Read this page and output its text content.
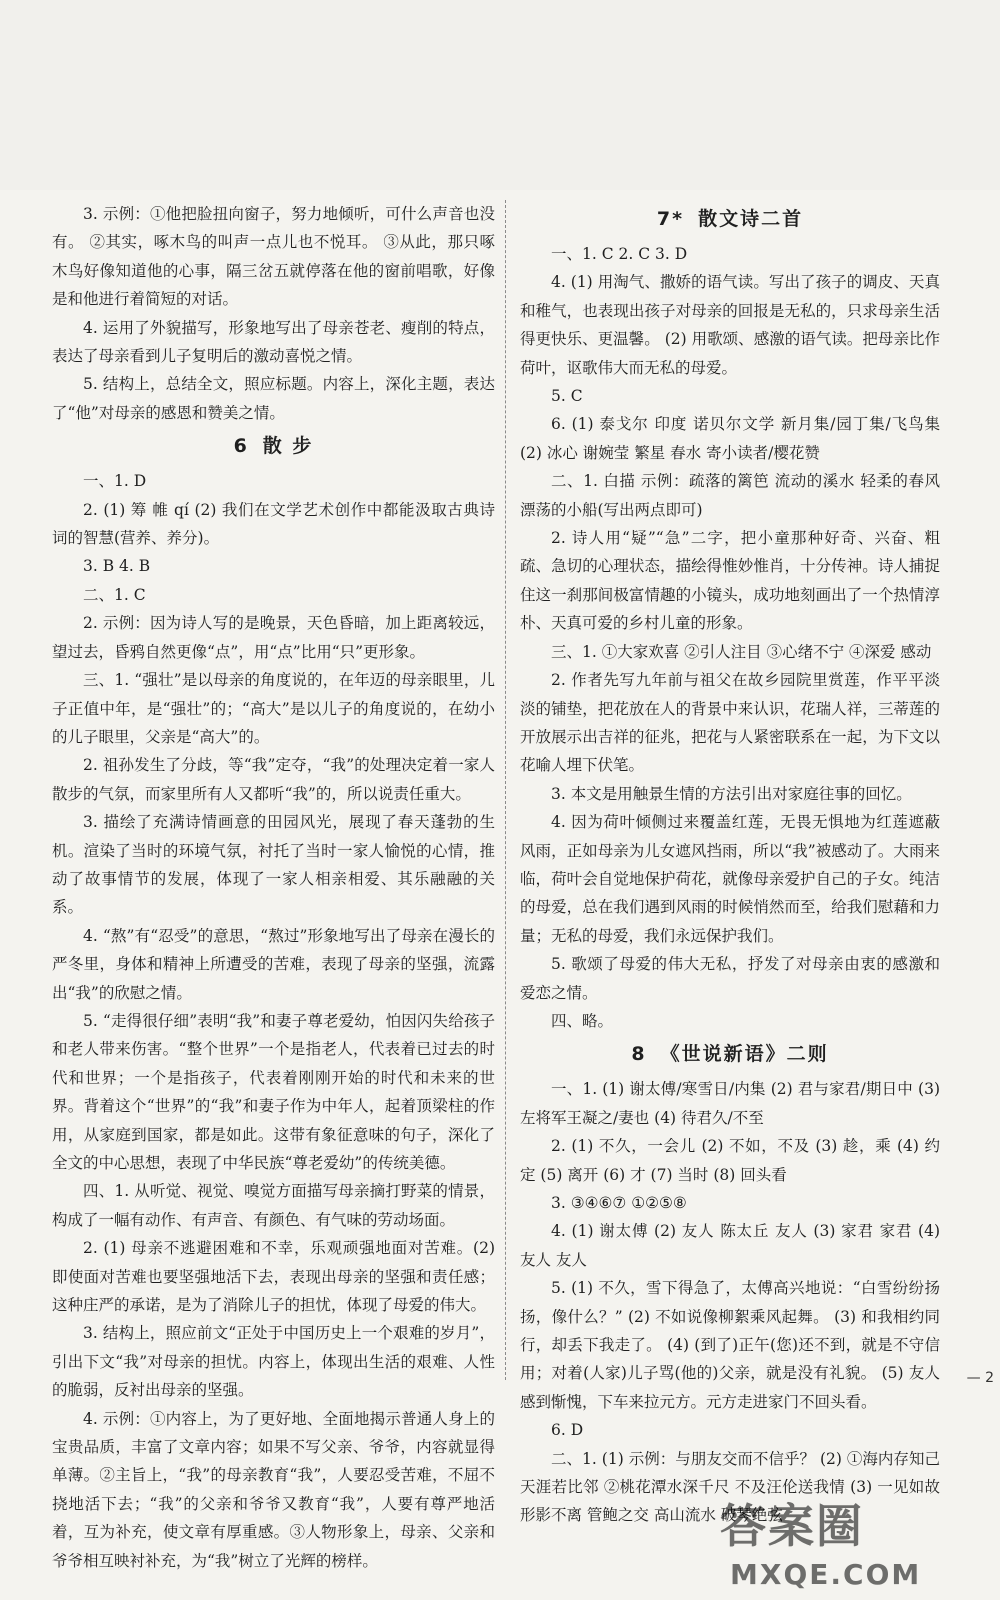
3. 示例：①他把脸扭向窗子，努力地倾听，可什么声音也没有。 ②其实，啄木鸟的叫声一点儿也不悦耳。 ③从此，那只啄木鸟好像知道他的心事，隔三岔五就停落在他的窗前唱歌，好像是和他进行着简短的对话。

4. 运用了外貌描写，形象地写出了母亲苍老、瘦削的特点，表达了母亲看到儿子复明后的激动喜悦之情。

5. 结构上，总结全文，照应标题。内容上，深化主题，表达了“他”对母亲的感恩和赞美之情。

6 散 步

一、1. D

2. (1) 筹 帷 qí (2) 我们在文学艺术创作中都能汲取古典诗词的智慧(营养、养分)。

3. B 4. B

二、1. C

2. 示例：因为诗人写的是晚景，天色昏暗，加上距离较远，望过去，昏鸦自然更像“点”，用“点”比用“只”更形象。

三、1. “强壮”是以母亲的角度说的，在年迈的母亲眼里，儿子正值中年，是“强壮”的；“高大”是以儿子的角度说的，在幼小的儿子眼里，父亲是“高大”的。

2. 祖孙发生了分歧，等“我”定夺，“我”的处理决定着一家人散步的气氛，而家里所有人又都听“我”的，所以说责任重大。

3. 描绘了充满诗情画意的田园风光，展现了春天蓬勃的生机。渲染了当时的环境气氛，衬托了当时一家人愉悦的心情，推动了故事情节的发展，体现了一家人相亲相爱、其乐融融的关系。

4. “熬”有“忍受”的意思，“熬过”形象地写出了母亲在漫长的严冬里，身体和精神上所遭受的苦难，表现了母亲的坚强，流露出“我”的欣慰之情。

5. “走得很仔细”表明“我”和妻子尊老爱幼，怕因闪失给孩子和老人带来伤害。“整个世界”一个是指老人，代表着已过去的时代和世界；一个是指孩子，代表着刚刚开始的时代和未来的世界。背着这个“世界”的“我”和妻子作为中年人，起着顶梁柱的作用，从家庭到国家，都是如此。这带有象征意味的句子，深化了全文的中心思想，表现了中华民族“尊老爱幼”的传统美德。

四、1. 从听觉、视觉、嗅觉方面描写母亲摘打野菜的情景，构成了一幅有动作、有声音、有颜色、有气味的劳动场面。

2. (1) 母亲不逃避困难和不幸，乐观顽强地面对苦难。(2) 即使面对苦难也要坚强地活下去，表现出母亲的坚强和责任感；这种庄严的承诺，是为了消除儿子的担忧，体现了母爱的伟大。

3. 结构上，照应前文“正处于中国历史上一个艰难的岁月”，引出下文“我”对母亲的担忧。内容上，体现出生活的艰难、人性的脆弱，反衬出母亲的坚强。

4. 示例：①内容上，为了更好地、全面地揭示普通人身上的宝贵品质，丰富了文章内容；如果不写父亲、爷爷，内容就显得单薄。②主旨上，“我”的母亲教育“我”，人要忍受苦难，不屈不挠地活下去；“我”的父亲和爷爷又教育“我”，人要有尊严地活着，互为补充，使文章有厚重感。③人物形象上，母亲、父亲和爷爷相互映衬补充，为“我”树立了光辉的榜样。

7* 散文诗二首

一、1. C 2. C 3. D

4. (1) 用淘气、撒娇的语气读。写出了孩子的调皮、天真和稚气，也表现出孩子对母亲的回报是无私的，只求母亲生活得更快乐、更温馨。 (2) 用歌颂、感激的语气读。把母亲比作荷叶，讴歌伟大而无私的母爱。

5. C

6. (1) 泰戈尔 印度 诺贝尔文学 新月集/园丁集/飞鸟集 (2) 冰心 谢婉莹 繁星 春水 寄小读者/樱花赞

二、1. 白描 示例：疏落的篱笆 流动的溪水 轻柔的春风 漂荡的小船(写出两点即可)

2. 诗人用“疑”“急”二字，把小童那种好奇、兴奋、粗疏、急切的心理状态，描绘得惟妙惟肖，十分传神。诗人捕捉住这一刹那间极富情趣的小镜头，成功地刻画出了一个热情淳朴、天真可爱的乡村儿童的形象。

三、1. ①大家欢喜 ②引人注目 ③心绪不宁 ④深爱 感动

2. 作者先写九年前与祖父在故乡园院里赏莲，作平平淡淡的铺垫，把花放在人的背景中来认识，花瑞人祥，三蒂莲的开放展示出吉祥的征兆，把花与人紧密联系在一起，为下文以花喻人埋下伏笔。

3. 本文是用触景生情的方法引出对家庭往事的回忆。

4. 因为荷叶倾侧过来覆盖红莲，无畏无惧地为红莲遮蔽风雨，正如母亲为儿女遮风挡雨，所以“我”被感动了。大雨来临，荷叶会自觉地保护荷花，就像母亲爱护自己的子女。纯洁的母爱，总在我们遇到风雨的时候悄然而至，给我们慰藉和力量；无私的母爱，我们永远保护我们。

5. 歌颂了母爱的伟大无私，抒发了对母亲由衷的感激和爱恋之情。

四、略。

8 《世说新语》二则

一、1. (1) 谢太傅/寒雪日/内集 (2) 君与家君/期日中 (3) 左将军王凝之/妻也 (4) 待君久/不至

2. (1) 不久，一会儿 (2) 不如，不及 (3) 趁，乘 (4) 约定 (5) 离开 (6) 才 (7) 当时 (8) 回头看

3. ③④⑥⑦ ①②⑤⑧

4. (1) 谢太傅 (2) 友人 陈太丘 友人 (3) 家君 家君 (4) 友人 友人

5. (1) 不久，雪下得急了，太傅高兴地说：“白雪纷纷扬扬，像什么？” (2) 不如说像柳絮乘风起舞。 (3) 和我相约同行，却丢下我走了。 (4) (到了)正午(您)还不到，就是不守信用；对着(人家)儿子骂(他的)父亲，就是没有礼貌。 (5) 友人感到惭愧，下车来拉元方。元方走进家门不回头看。

6. D

二、1. (1) 示例：与朋友交而不信乎？ (2) ①海内存知己 天涯若比邻 ②桃花潭水深千尺 不及汪伦送我情 (3) 一见如故 形影不离 管鲍之交 高山流水 破琴绝弦

— 2
答案圈
MXQE.COM
